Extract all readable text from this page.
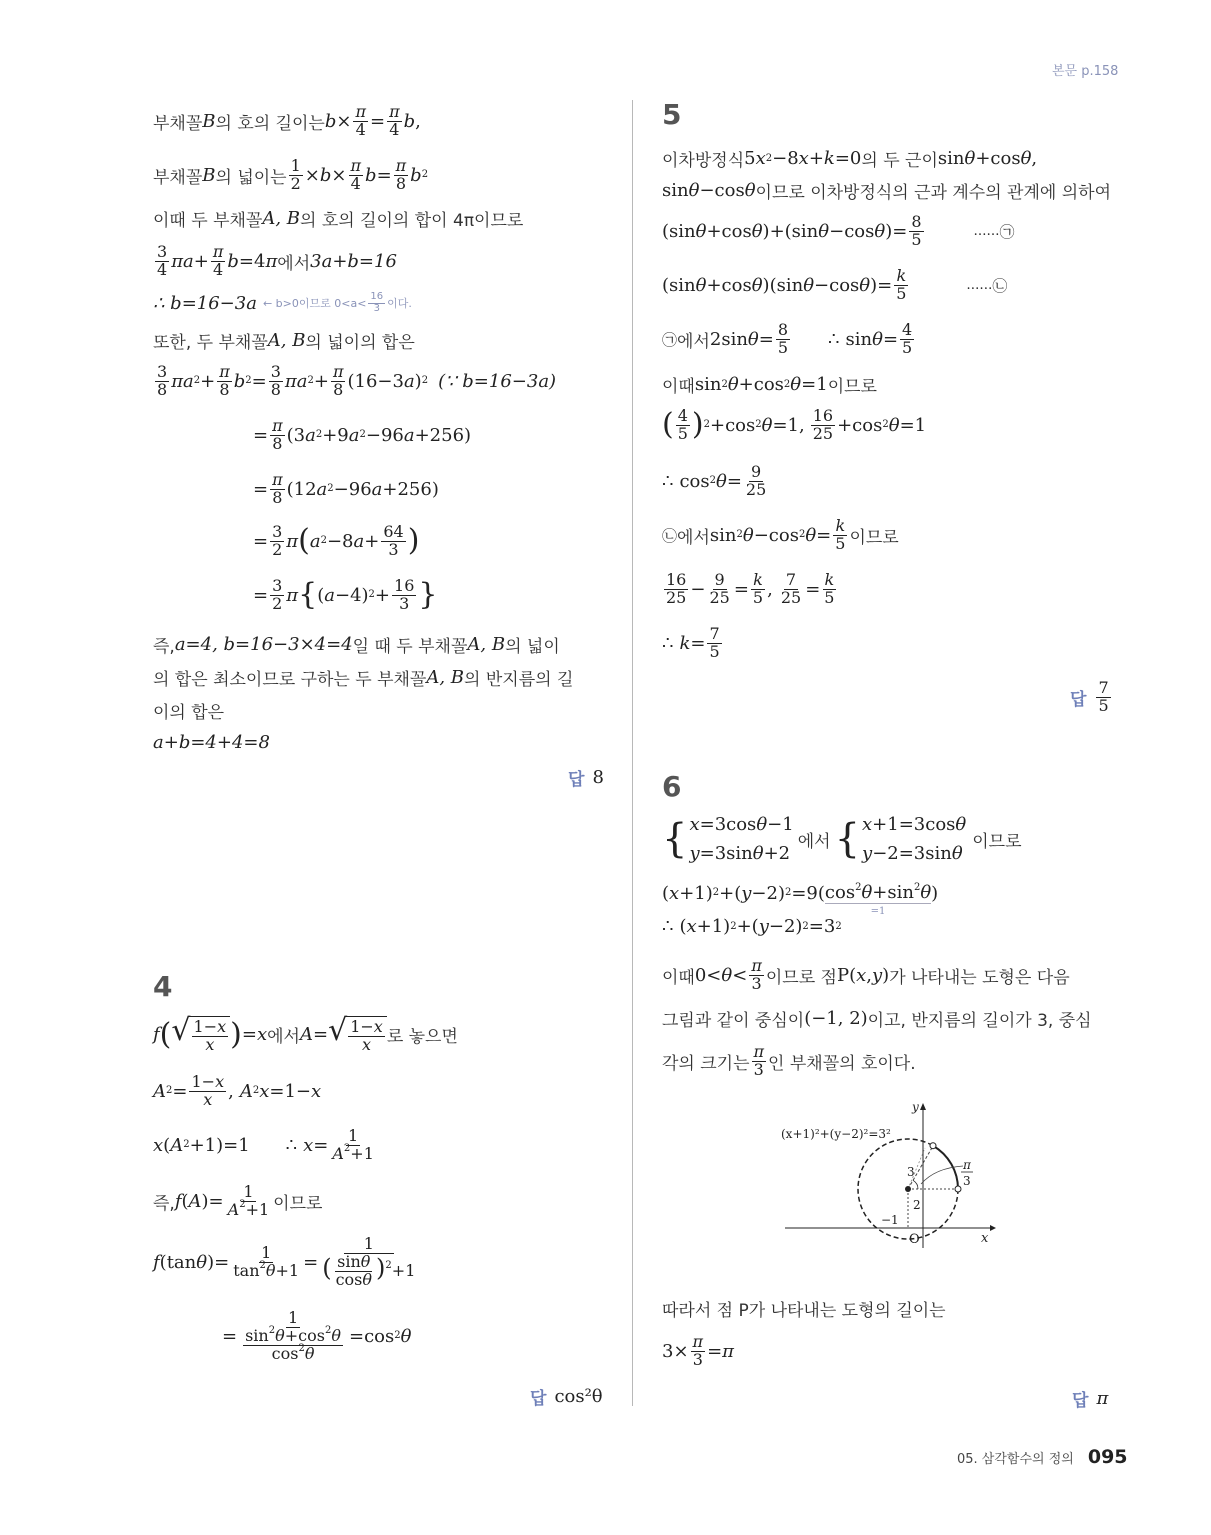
본문 p.158
부채꼴 B 의 호의 길이는 $b \times \frac{\pi}{4} = \frac{\pi}{4}$ b ,
부채꼴 B 의 넓이는 $\frac{1}{2} \times b \times \frac{\pi}{4}$ $b = \frac{\pi}{8}$ b 2
이때 두 부채꼴 A, B 의 호의 길이의 합이 4π이므로
$\frac{3}{4}$ $\pi a + \frac{\pi}{4}$ b =4 π 에서 3a+b=16
∴ b=16−3a ← b>0이므로 $0<a< \frac{16}{3}$ 이다.
또한, 두 부채꼴 A, B 의 넓이의 합은
$\frac{3}{8}$ πa $2 + \frac{\pi}{8}$ b $2 = \frac{3}{8}$ πa $2 + \frac{\pi}{8} (16-3$ a ) 2 (∵ b=16−3a)
= $\frac{\pi}{8} (3$ a 2 +9 a 2 −96 a +256)
= $\frac{\pi}{8} (12$ a 2 −96 a +256)
= $\frac{3}{2}$ π ( a 2 −8 $a + \frac{64}{3}$ )
= $\frac{3}{2}$ π { ( a −4) $2 + \frac{16}{3}$ }
즉, a=4, b=16−3×4=4 일 때 두 부채꼴 A, B 의 넓이
의 합은 최소이므로 구하는 두 부채꼴 A, B 의 반지름의 길
이의 합은
a+b=4+4=8
답 8
4
f ( √ $\frac{1-x}{x}$ ) = x 에서 A = √ $\frac{1-x}{x}$ 로 놓으면
A $2 = \frac{1-x}{x}$ , A 2 x =1− x
x ( A 2 +1)=1 ∴ $x = \frac{1}{A^2+1}$
즉, f ( A )= $\frac{1}{A^2+1}$ 이므로
f (tan θ )= $\frac{1}{\tan^2\theta+1} = \frac{1}{( \frac{\sin\theta}{\cos\theta} )^2+1}$
= $\frac{1}{\frac{\sin^2\theta+\cos^2\theta}{\cos^2\theta}} =\cos$ 2 θ
답 cos²θ
5
이차방정식 5 x 2 −8 x + k =0 의 두 근이 sin θ +cos θ ,
sin θ −cos θ 이므로 이차방정식의 근과 계수의 관계에 의하여
(sin θ +cos θ )+(sin θ −cos θ )= $\frac{8}{5}$	…… ㉠
(sin θ +cos θ )(sin θ −cos θ )= $\frac{k}{5}$	…… ㉡
㉠ 에서 2sin $\theta = \frac{8}{5}$ ∴ $\sin \theta = \frac{4}{5}$
이때 sin 2 θ +cos 2 θ =1 이므로
( $\frac{4}{5}$ ) 2 +cos 2 θ =1, $\frac{16}{25} +\cos$ 2 θ =1
∴ cos 2 $\theta = \frac{9}{25}$
㉡ 에서 sin 2 θ −cos 2 $\theta = \frac{k}{5}$ 이므로
$\frac{16}{25} - \frac{9}{25} = \frac{k}{5}$ , $\frac{7}{25} = \frac{k}{5}$
∴ $k = \frac{7}{5}$
답 $\frac{7}{5}$
6
{ x=3cosθ−1
y=3sinθ+2
에서 { x+1=3cosθ
y−2=3sinθ
이므로
( x +1) 2 +( y −2) 2 =9( $\cos^2\theta+\sin^2\theta$
=1
)
∴ ( x +1) 2 +( y −2) 2 =3 2
이때 $0< \theta < \frac{\pi}{3}$ 이므로 점 P( x , y ) 가 나타내는 도형은 다음
그림과 같이 중심이 (−1, 2) 이고, 반지름의 길이가 3, 중심
각의 크기는 $\frac{\pi}{3}$ 인 부채꼴의 호이다.
(x+1)²+(y−2)²=3²
y
x
O
3
2
−1
π
3
따라서 점 P가 나타내는 도형의 길이는
$3\times \frac{\pi}{3} = \pi$
답 π
05. 삼각함수의 정의 095
